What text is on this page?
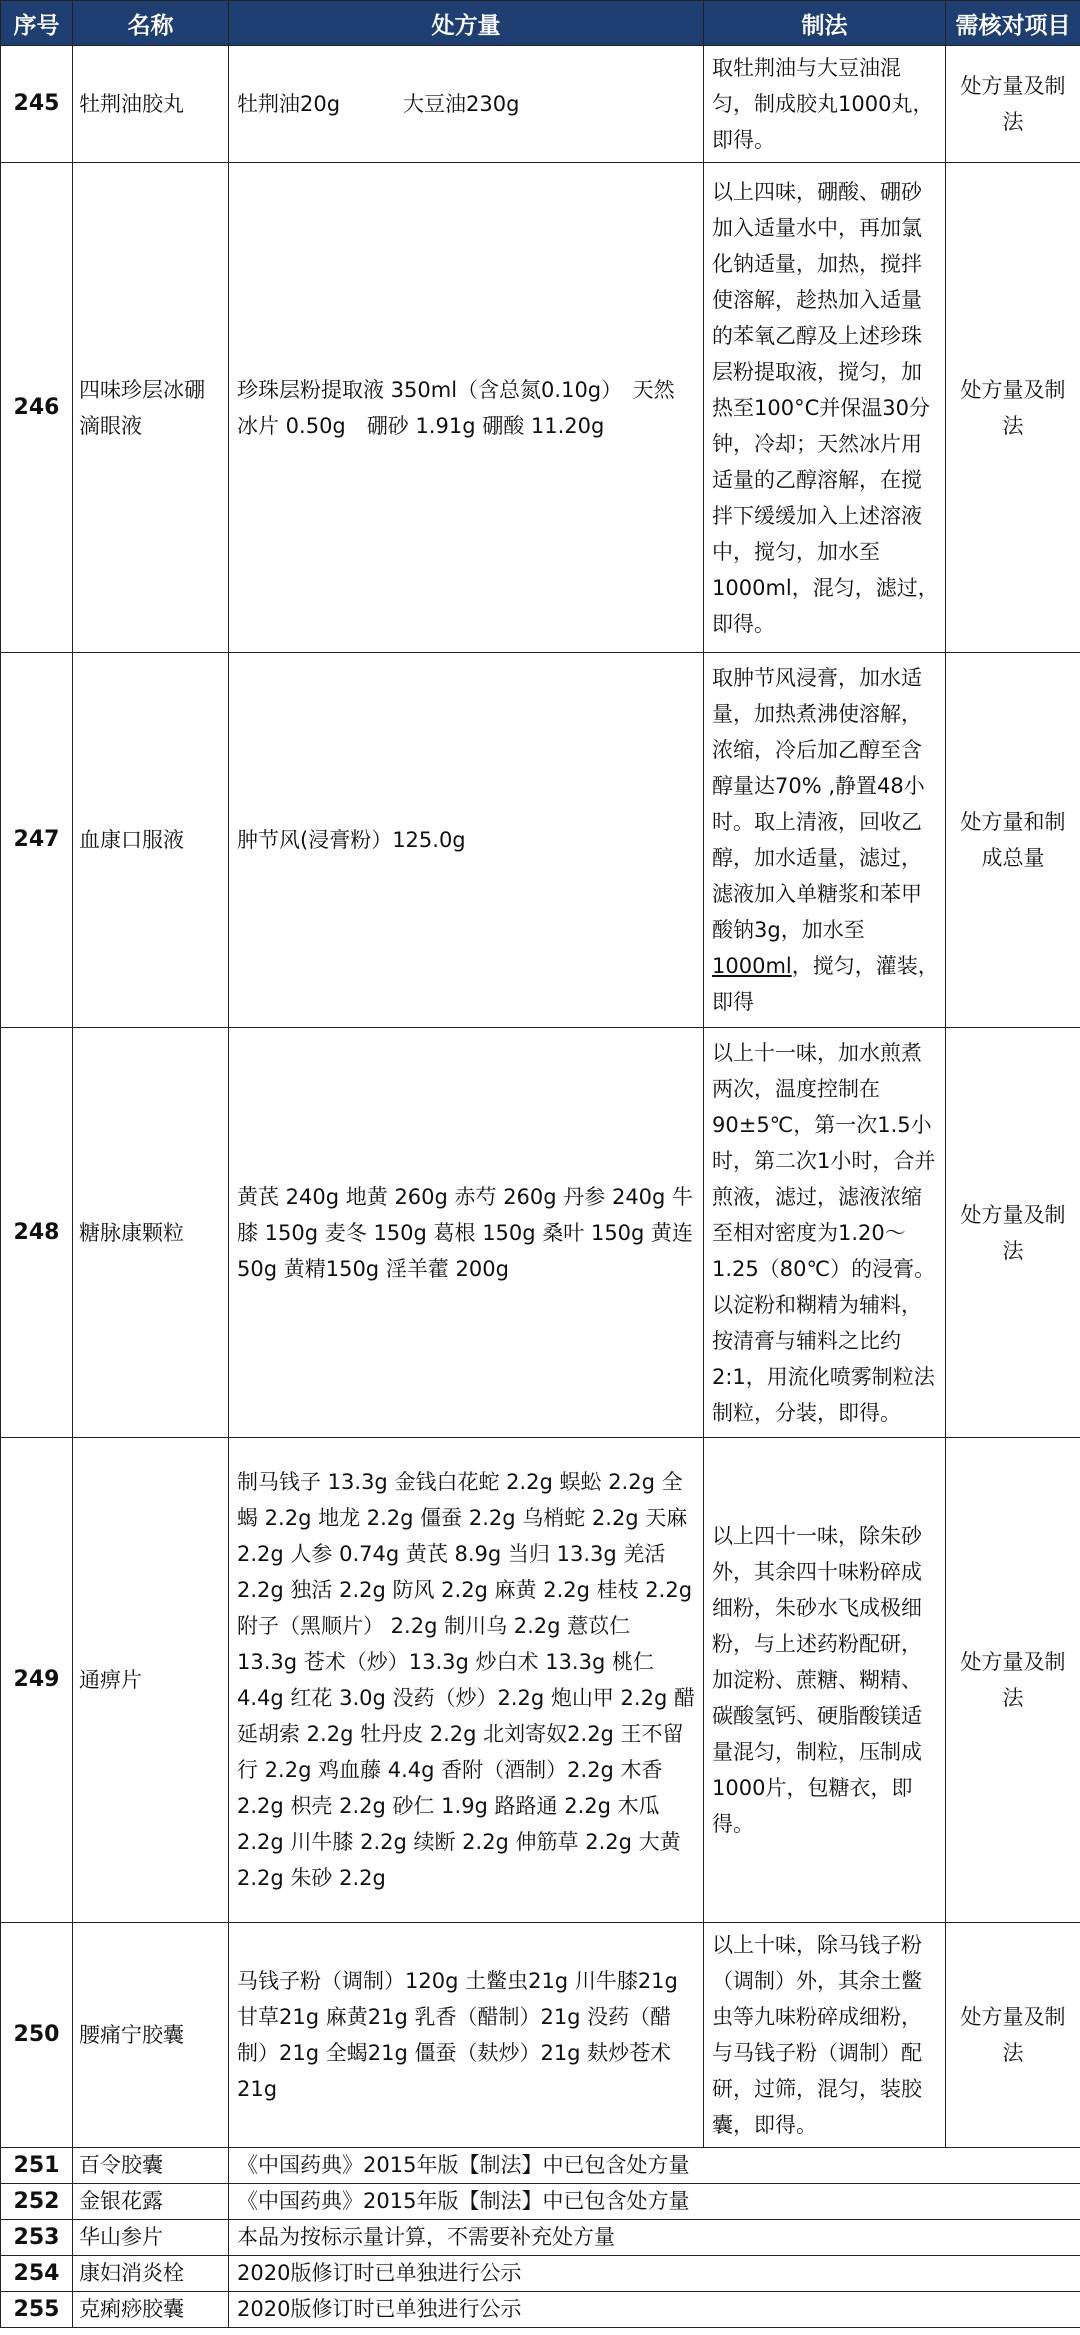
序号	名称	处方量	制法	需核对项目
245	牡荆油胶丸	牡荆油20g　　　大豆油230g	取牡荆油与大豆油混匀，制成胶丸1000丸，即得。	处方量及制法
246	四味珍层冰硼滴眼液	珍珠层粉提取液 350ml（含总氮0.10g）　天然冰片 0.50g　硼砂 1.91g 硼酸 11.20g	以上四味，硼酸、硼砂加入适量水中，再加氯化钠适量，加热，搅拌使溶解，趁热加入适量的苯氧乙醇及上述珍珠层粉提取液，搅匀，加热至100°C并保温30分钟，冷却；天然冰片用适量的乙醇溶解，在搅拌下缓缓加入上述溶液中，搅匀，加水至1000ml，混匀，滤过，即得。	处方量及制法
247	血康口服液	肿节风(浸膏粉）125.0g	取肿节风浸膏，加水适量，加热煮沸使溶解，浓缩，冷后加乙醇至含醇量达70% ,静置48小时。取上清液，回收乙醇，加水适量，滤过，滤液加入单糖浆和苯甲酸钠3g，加水至1000ml，搅匀，灌装，即得	处方量和制成总量
248	糖脉康颗粒	黄芪 240g 地黄 260g 赤芍 260g 丹参 240g 牛膝 150g 麦冬 150g 葛根 150g 桑叶 150g 黄连 50g 黄精150g 淫羊藿 200g	以上十一味，加水煎煮两次，温度控制在90±5℃，第一次1.5小时，第二次1小时，合并煎液，滤过，滤液浓缩至相对密度为1.20～1.25（80℃）的浸膏。以淀粉和糊精为辅料，按清膏与辅料之比约2:1，用流化喷雾制粒法制粒，分装，即得。	处方量及制法
249	通痹片	制马钱子 13.3g 金钱白花蛇 2.2g 蜈蚣 2.2g 全蝎 2.2g 地龙 2.2g 僵蚕 2.2g 乌梢蛇 2.2g 天麻 2.2g 人参 0.74g 黄芪 8.9g 当归 13.3g 羌活 2.2g 独活 2.2g 防风 2.2g 麻黄 2.2g 桂枝 2.2g 附子（黑顺片） 2.2g 制川乌 2.2g 薏苡仁 13.3g 苍术（炒）13.3g 炒白术 13.3g 桃仁 4.4g 红花 3.0g 没药（炒）2.2g 炮山甲 2.2g 醋延胡索 2.2g 牡丹皮 2.2g 北刘寄奴2.2g 王不留行 2.2g 鸡血藤 4.4g 香附（酒制）2.2g 木香 2.2g 枳壳 2.2g 砂仁 1.9g 路路通 2.2g 木瓜 2.2g 川牛膝 2.2g 续断 2.2g 伸筋草 2.2g 大黄 2.2g 朱砂 2.2g	以上四十一味，除朱砂外，其余四十味粉碎成细粉，朱砂水飞成极细粉，与上述药粉配研，加淀粉、蔗糖、糊精、碳酸氢钙、硬脂酸镁适量混匀，制粒，压制成1000片，包糖衣，即得。	处方量及制法
250	腰痛宁胶囊	马钱子粉（调制）120g 土鳖虫21g 川牛膝21g 甘草21g 麻黄21g 乳香（醋制）21g 没药（醋制）21g 全蝎21g 僵蚕（麸炒）21g 麸炒苍术21g	以上十味，除马钱子粉（调制）外，其余土鳖虫等九味粉碎成细粉，与马钱子粉（调制）配研，过筛，混匀，装胶囊，即得。	处方量及制法
251	百令胶囊	《中国药典》2015年版【制法】中已包含处方量		
252	金银花露	《中国药典》2015年版【制法】中已包含处方量		
253	华山参片	本品为按标示量计算，不需要补充处方量		
254	康妇消炎栓	2020版修订时已单独进行公示		
255	克痢痧胶囊	2020版修订时已单独进行公示		
